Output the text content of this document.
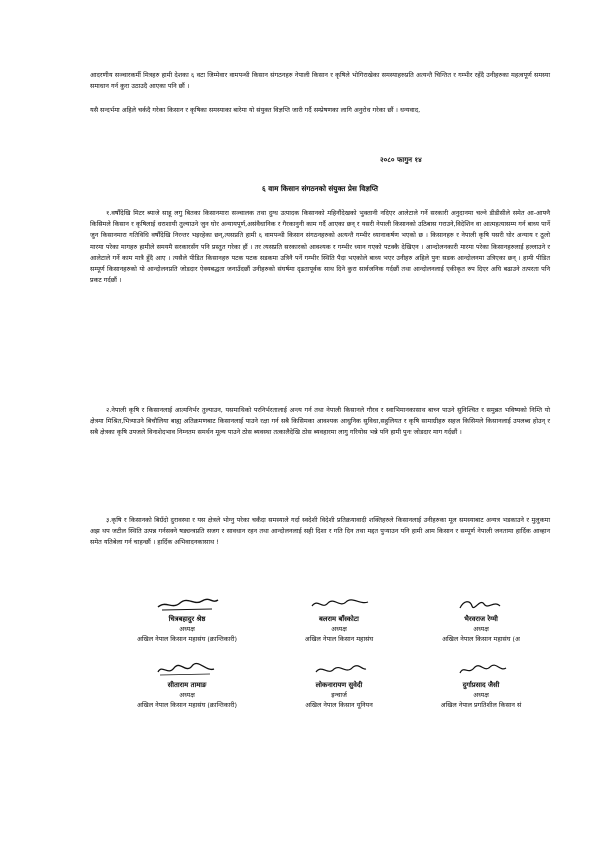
आदरणीय सञ्चारकर्मी मित्रहरु हामी देशका ६ वटा जिम्मेवार वामपन्थी किसान संगठनहरु नेपाली किसान र कृषिले भोगिराखेका समस्याहरुप्रति अत्यन्तै चिन्तित र गम्भीर रहँदै उनीहरुका महत्वपूर्ण समस्या समाधान गर्न कुरा उठाउदै आएका पनि छौं ।

यसै सन्दर्भमा अहिले चर्कदै गरेका किसान र कृषिका समस्याका बारेमा यो संयुक्त विज्ञप्ति जारी गर्दै सम्प्रेषणका लागि अनुरोध गरेका छौं । धन्यवाद,

२०८० फागुन १४
६ वाम किसान संगठनको संयुक्त प्रेस विज्ञप्ति

१.वर्षौंदेखि मिटर ब्याजे साहू लगु बितका किसानमारा सञ्चालक तथा दुग्ध उत्पादक किसानको महिनौंदेखको भुक्तानी नदिएर आलेटाले गर्ने सरकारी अनुदानमा चल्ने डीडीसीले समेत आ-आफ्नै किसिमले किसान र कृषिलाई धराशायी तुल्याउने जुन घोर अन्यायपूर्ण,असंवैधानिक र गैरकानुनी काम गर्दै आएका छन् र यसरी नेपाली किसानको उठिबास गराउने,विदेशिन वा आत्महत्यासम्म गर्न बाध्य पार्ने जुन किसानमारा गतिविधि वर्षौंदेखि निरन्तर भइरहेका छन्,त्यसप्रति हामी ६ वामपन्थी किसान संगठनहरुको अत्यन्तै गम्भीर ध्यानाकर्षण भएको छ । किसानहरु र नेपाली कृषि यसरी घोर अन्याय र ठूलो मारमा परेका मागहरु हामीले समयमै सरकारसँग पनि प्रस्तुत गरेका हौं । तर त्यसप्रति सरकारको आवश्यक र गम्भीर ध्यान गएको पटक्कै देखिएन । आन्दोलनकारी मारमा परेका किसानहरुलाई हल्लाउने र आलेटाले गर्ने काम मात्रै हुँदै आए । त्यसैले पीडित किसानहरु पटक पटक सडकमा उत्रिनै पर्ने गम्भीर स्थिति पैदा भएकोले बाध्य भएर उनीहरु अहिले पुनः सडक आन्दोलनमा उत्रिएका छन् । हामी पीडित सम्पूर्ण किसानहरुको यो आन्दोलनप्रति जोडदार ऐक्यबद्धता जनाउँदछौं उनीहरुको संघर्षमा दृढतापूर्वक साथ दिने कुरा सार्वजनिक गर्दछौं तथा आन्दोलनलाई एकीकृत रुप दिएर अघि बढाउने तत्परता पनि प्रकट गर्दछौं ।

२.नेपाली कृषि र किसानलाई आत्मनिर्भर तुल्याउन, यसमाथिको परनिर्भरतालाई अन्त्य गर्न तथा नेपाली किसानले गौरव र स्वाभिमानकासाथ बाच्न पाउने सुनिश्चित र समुन्नत भविष्यको निम्ति यो क्षेत्रमा मिश्रित,भित्र्याउने बिचौलिया बाह्य अतिक्रमणबाट किसानलाई पाउने रक्षा गर्न सबै किसिमका आवश्यक आधुनिक सुविधा,सहुलियत र कृषि सामाग्रीहरु सहज किसिमले किसानलाई उपलब्ध होउन् र सबै क्षेत्रका कृषि उपजले विनाशेदभाव निम्नतम समर्थन मूल्य पाउने ठोस ब्यवस्था तत्कालैदेखि ठोस ब्यवहारमा लागु गरियोस भन्ने पनि हामी पुनः जोडदार माग गर्दछौं ।

३.कृषि र किसानको बिग्रँदो दुरावस्था र यस क्षेत्रले भोग्नु परेका चर्कँदा समस्याले गर्दा स्वदेशी विदेशी प्रतिक्रयावादी शक्तिहरुले किसानलाई उनीहरुका मूल समस्याबाट अन्यत्र भडकाउने र मुलुकमा अझ थप जटील स्थिति उत्पन्न गर्नसक्ने षड्यन्त्रप्रति सजग र सावधान रहन तथा आन्दोलनलाई सही दिशा र गति दिन तथा मद्दत पुऱ्याउन पनि हामी आम किसान र सम्पूर्ण नेपाली जनतामा हार्दिक आव्हान समेत यतिबेला गर्न चाहन्छौं । हार्दिक अभिवादनकासाथ !

चित्रबहादुर श्रेष्ठ
अध्यक्ष
अखिल नेपाल किसान महासंघ (क्रान्तिकारी)
बलराम बाँस्कोटा
अध्यक्ष
अखिल नेपाल किसान महासंघ
भैरवराज रेग्मी
अध्यक्ष
अखिल नेपाल किसान महासंघ (अ
सीताराम तामाङ
अध्यक्ष
अखिल नेपाल किसान महासंघ (क्रान्तिकारी)
लोकनारायण सुवेदी
इन्चार्ज
अखिल नेपाल किसान यूनियन
दुर्गाप्रसाद जैसी
अध्यक्ष
अखिल नेपाल प्रगतिशील किसान सं
